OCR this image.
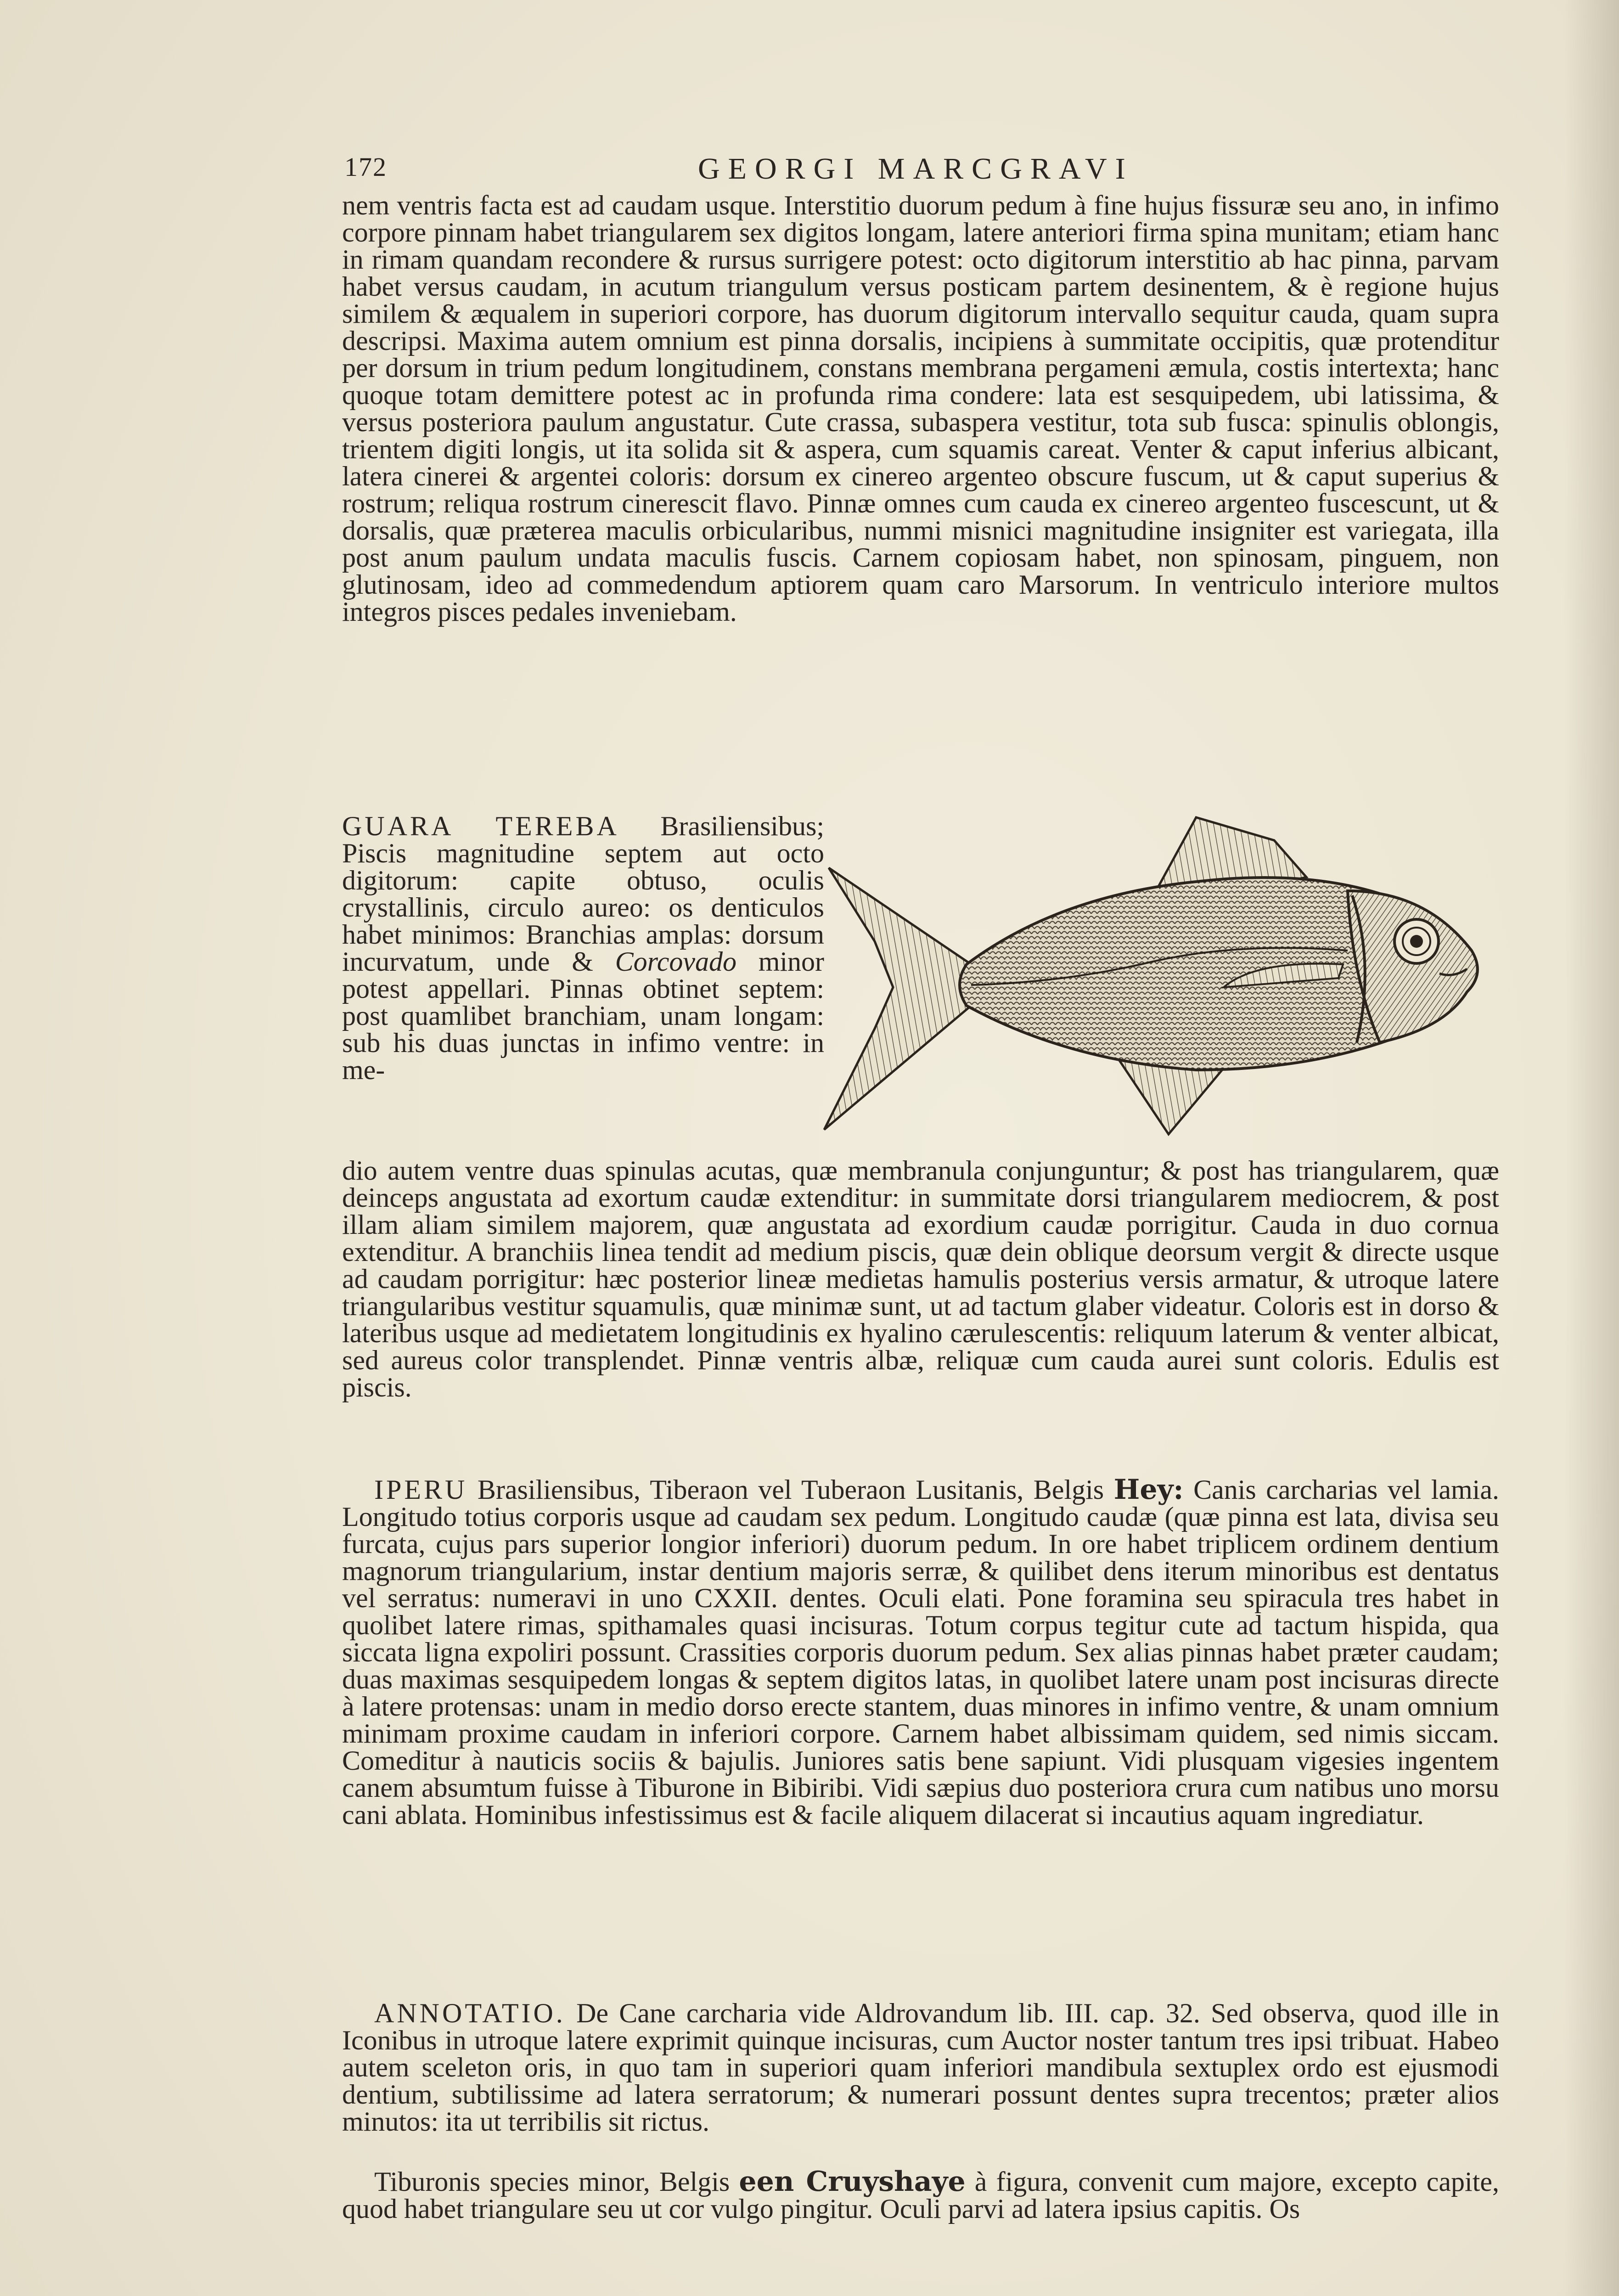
172	GEORGI MARCGRAVI

nem ventris facta est ad caudam usque. Interstitio duorum pedum à fine hujus fissuræ seu ano, in infimo corpore pinnam habet triangularem sex digitos longam, latere anteriori firma spina munitam; etiam hanc in rimam quandam recondere & rursus surrigere potest: octo digitorum interstitio ab hac pinna, parvam habet versus caudam, in acutum triangulum versus posticam partem desinentem, & è regione hujus similem & æqualem in superiori corpore, has duorum digitorum intervallo sequitur cauda, quam supra descripsi. Maxima autem omnium est pinna dorsalis, incipiens à summitate occipitis, quæ protenditur per dorsum in trium pedum longitudinem, constans membrana pergameni æmula, costis intertexta; hanc quoque totam demittere potest ac in profunda rima condere: lata est sesquipedem, ubi latissima, & versus posteriora paulum angustatur. Cute crassa, subaspera vestitur, tota sub fusca: spinulis oblongis, trientem digiti longis, ut ita solida sit & aspera, cum squamis careat. Venter & caput inferius albicant, latera cinerei & argentei coloris: dorsum ex cinereo argenteo obscure fuscum, ut & caput superius & rostrum; reliqua rostrum cinerescit flavo. Pinnæ omnes cum cauda ex cinereo argenteo fuscescunt, ut & dorsalis, quæ præterea maculis orbicularibus, nummi misnici magnitudine insigniter est variegata, illa post anum paulum undata maculis fuscis. Carnem copiosam habet, non spinosam, pinguem, non glutinosam, ideo ad commedendum aptiorem quam caro Marsorum. In ventriculo interiore multos integros pisces pedales inveniebam.

GUARA TEREBA Brasiliensibus; Piscis magnitudine septem aut octo digitorum: capite obtuso, oculis crystallinis, circulo aureo: os denticulos habet minimos: Branchias amplas: dorsum incurvatum, unde & Corcovado minor potest appellari. Pinnas obtinet septem: post quamlibet branchiam, unam longam: sub his duas junctas in infimo ventre: in me-

dio autem ventre duas spinulas acutas, quæ membranula conjunguntur; & post has triangularem, quæ deinceps angustata ad exortum caudæ extenditur: in summitate dorsi triangularem mediocrem, & post illam aliam similem majorem, quæ angustata ad exordium caudæ porrigitur. Cauda in duo cornua extenditur. A branchiis linea tendit ad medium piscis, quæ dein oblique deorsum vergit & directe usque ad caudam porrigitur: hæc posterior lineæ medietas hamulis posterius versis armatur, & utroque latere triangularibus vestitur squamulis, quæ minimæ sunt, ut ad tactum glaber videatur. Coloris est in dorso & lateribus usque ad medietatem longitudinis ex hyalino cærulescentis: reliquum laterum & venter albicat, sed aureus color transplendet. Pinnæ ventris albæ, reliquæ cum cauda aurei sunt coloris. Edulis est piscis.

IPERU Brasiliensibus, Tiberaon vel Tuberaon Lusitanis, Belgis Hey: Canis carcharias vel lamia. Longitudo totius corporis usque ad caudam sex pedum. Longitudo caudæ (quæ pinna est lata, divisa seu furcata, cujus pars superior longior inferiori) duorum pedum. In ore habet triplicem ordinem dentium magnorum triangularium, instar dentium majoris serræ, & quilibet dens iterum minoribus est dentatus vel serratus: numeravi in uno CXXII. dentes. Oculi elati. Pone foramina seu spiracula tres habet in quolibet latere rimas, spithamales quasi incisuras. Totum corpus tegitur cute ad tactum hispida, qua siccata ligna expoliri possunt. Crassities corporis duorum pedum. Sex alias pinnas habet præter caudam; duas maximas sesquipedem longas & septem digitos latas, in quolibet latere unam post incisuras directe à latere protensas: unam in medio dorso erecte stantem, duas minores in infimo ventre, & unam omnium minimam proxime caudam in inferiori corpore. Carnem habet albissimam quidem, sed nimis siccam. Comeditur à nauticis sociis & bajulis. Juniores satis bene sapiunt. Vidi plusquam vigesies ingentem canem absumtum fuisse à Tiburone in Bibiribi. Vidi sæpius duo posteriora crura cum natibus uno morsu cani ablata. Hominibus infestissimus est & facile aliquem dilacerat si incautius aquam ingrediatur.

ANNOTATIO. De Cane carcharia vide Aldrovandum lib. III. cap. 32. Sed observa, quod ille in Iconibus in utroque latere exprimit quinque incisuras, cum Auctor noster tantum tres ipsi tribuat. Habeo autem sceleton oris, in quo tam in superiori quam inferiori mandibula sextuplex ordo est ejusmodi dentium, subtilissime ad latera serratorum; & numerari possunt dentes supra trecentos; præter alios minutos: ita ut terribilis sit rictus.

Tiburonis species minor, Belgis een Cruyshaye à figura, convenit cum majore, excepto capite, quod habet triangulare seu ut cor vulgo pingitur. Oculi parvi ad latera ipsius capitis. Os
